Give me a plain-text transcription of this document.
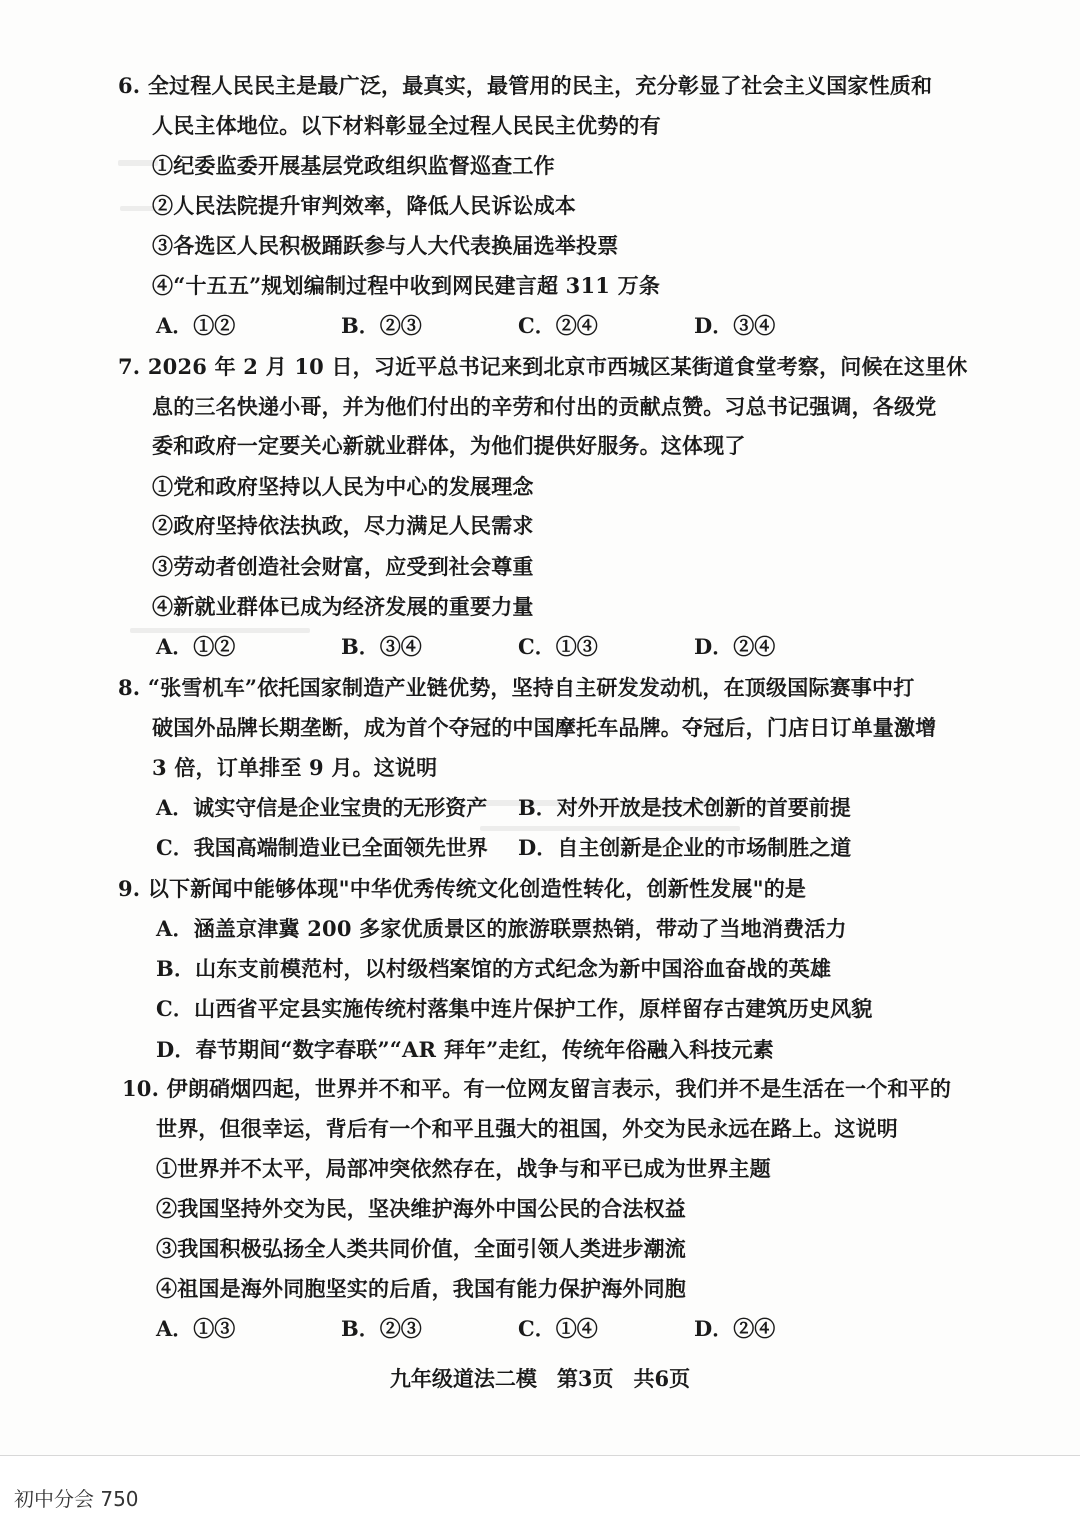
6. 全过程人民民主是最广泛，最真实，最管用的民主，充分彰显了社会主义国家性质和
人民主体地位。以下材料彰显全过程人民民主优势的有
①纪委监委开展基层党政组织监督巡查工作
②人民法院提升审判效率，降低人民诉讼成本
③各选区人民积极踊跃参与人大代表换届选举投票
④“十五五”规划编制过程中收到网民建言超 311 万条
A．①②	B．②③	C．②④	D．③④
7. 2026 年 2 月 10 日，习近平总书记来到北京市西城区某街道食堂考察，问候在这里休
息的三名快递小哥，并为他们付出的辛劳和付出的贡献点赞。习总书记强调，各级党
委和政府一定要关心新就业群体，为他们提供好服务。这体现了
①党和政府坚持以人民为中心的发展理念
②政府坚持依法执政，尽力满足人民需求
③劳动者创造社会财富，应受到社会尊重
④新就业群体已成为经济发展的重要力量
A．①②	B．③④	C．①③	D．②④
8. “张雪机车”依托国家制造产业链优势，坚持自主研发发动机，在顶级国际赛事中打
破国外品牌长期垄断，成为首个夺冠的中国摩托车品牌。夺冠后，门店日订单量激增
3 倍，订单排至 9 月。这说明
A．诚实守信是企业宝贵的无形资产 B．对外开放是技术创新的首要前提
C．我国高端制造业已全面领先世界 D．自主创新是企业的市场制胜之道
9. 以下新闻中能够体现"中华优秀传统文化创造性转化，创新性发展"的是
A．涵盖京津冀 200 多家优质景区的旅游联票热销，带动了当地消费活力
B．山东支前模范村，以村级档案馆的方式纪念为新中国浴血奋战的英雄
C．山西省平定县实施传统村落集中连片保护工作，原样留存古建筑历史风貌
D．春节期间“数字春联”“AR 拜年”走红，传统年俗融入科技元素
10. 伊朗硝烟四起，世界并不和平。有一位网友留言表示，我们并不是生活在一个和平的
世界，但很幸运，背后有一个和平且强大的祖国，外交为民永远在路上。这说明
①世界并不太平，局部冲突依然存在，战争与和平已成为世界主题
②我国坚持外交为民，坚决维护海外中国公民的合法权益
③我国积极弘扬全人类共同价值，全面引领人类进步潮流
④祖国是海外同胞坚实的后盾，我国有能力保护海外同胞
A．①③	B．②③	C．①④	D．②④
九年级道法二模 第3页 共6页
初中分会 750
